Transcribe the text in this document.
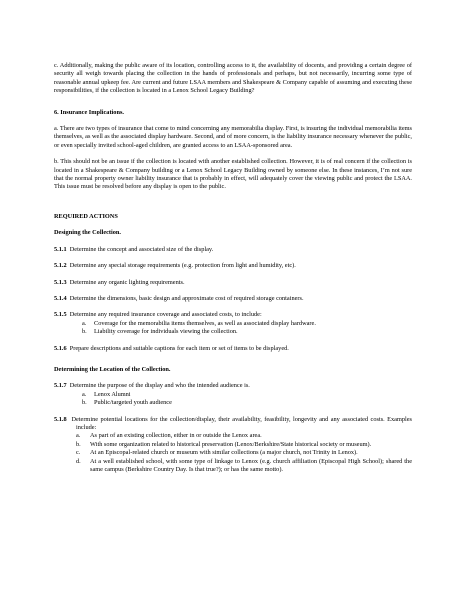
c. Additionally, making the public aware of its location, controlling access to it, the availability of docents, and providing a certain degree of security all weigh towards placing the collection in the hands of professionals and perhaps, but not necessarily, incurring some type of reasonable annual upkeep fee. Are current and future LSAA members and Shakespeare & Company capable of assuming and executing these responsibilities, if the collection is located in a Lenox School Legacy Building?

6. Insurance Implications.

a. There are two types of insurance that come to mind concerning any memorabilia display. First, is insuring the individual memorabilia items themselves, as well as the associated display hardware. Second, and of more concern, is the liability insurance necessary whenever the public, or even specially invited school-aged children, are granted access to an LSAA-sponsored area.

b. This should not be an issue if the collection is located with another established collection. However, it is of real concern if the collection is located in a Shakespeare & Company building or a Lenox School Legacy Building owned by someone else. In these instances, I’m not sure that the normal property owner liability insurance that is probably in effect, will adequately cover the viewing public and protect the LSAA. This issue must be resolved before any display is open to the public.

REQUIRED ACTIONS

Designing the Collection.

5.1.1 Determine the concept and associated size of the display.

5.1.2 Determine any special storage requirements (e.g. protection from light and humidity, etc).

5.1.3 Determine any organic lighting requirements.

5.1.4 Determine the dimensions, basic design and approximate cost of required storage containers.

5.1.5 Determine any required insurance coverage and associated costs, to include:

a.	Coverage for the memorabilia items themselves, as well as associated display hardware.
b.	Liability coverage for individuals viewing the collection.

5.1.6 Prepare descriptions and suitable captions for each item or set of items to be displayed.

Determining the Location of the Collection.

5.1.7 Determine the purpose of the display and who the intended audience is.

a.	Lenox Alumni
b.	Public/targeted youth audience

5.1.8 Determine potential locations for the collection/display, their availability, feasibility, longevity and any associated costs. Examples include:

a.	As part of an existing collection, either in or outside the Lenox area.
b.	With some organization related to historical preservation (Lenox/Berkshire/State historical society or museum).
c.	At an Episcopal-related church or museum with similar collections (a major church, not Trinity in Lenox).
d.	At a well established school, with some type of linkage to Lenox (e.g. church affiliation (Episcopal High School); shared the same campus (Berkshire Country Day. Is that true?); or has the same motto).
